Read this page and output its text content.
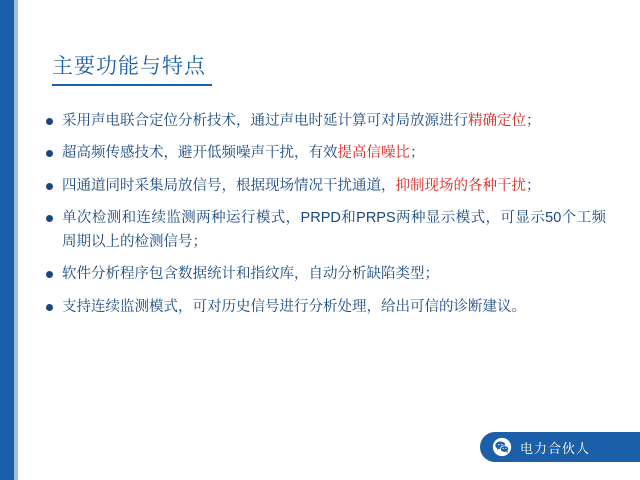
主要功能与特点
采用声电联合定位分析技术，通过声电时延计算可对局放源进行精确定位；
超高频传感技术，避开低频噪声干扰，有效提高信噪比；
四通道同时采集局放信号，根据现场情况干扰通道，抑制现场的各种干扰；
单次检测和连续监测两种运行模式，PRPD和PRPS两种显示模式，可显示50个工频周期以上的检测信号；
软件分析程序包含数据统计和指纹库，自动分析缺陷类型；
支持连续监测模式，可对历史信号进行分析处理，给出可信的诊断建议。
电力合伙人
